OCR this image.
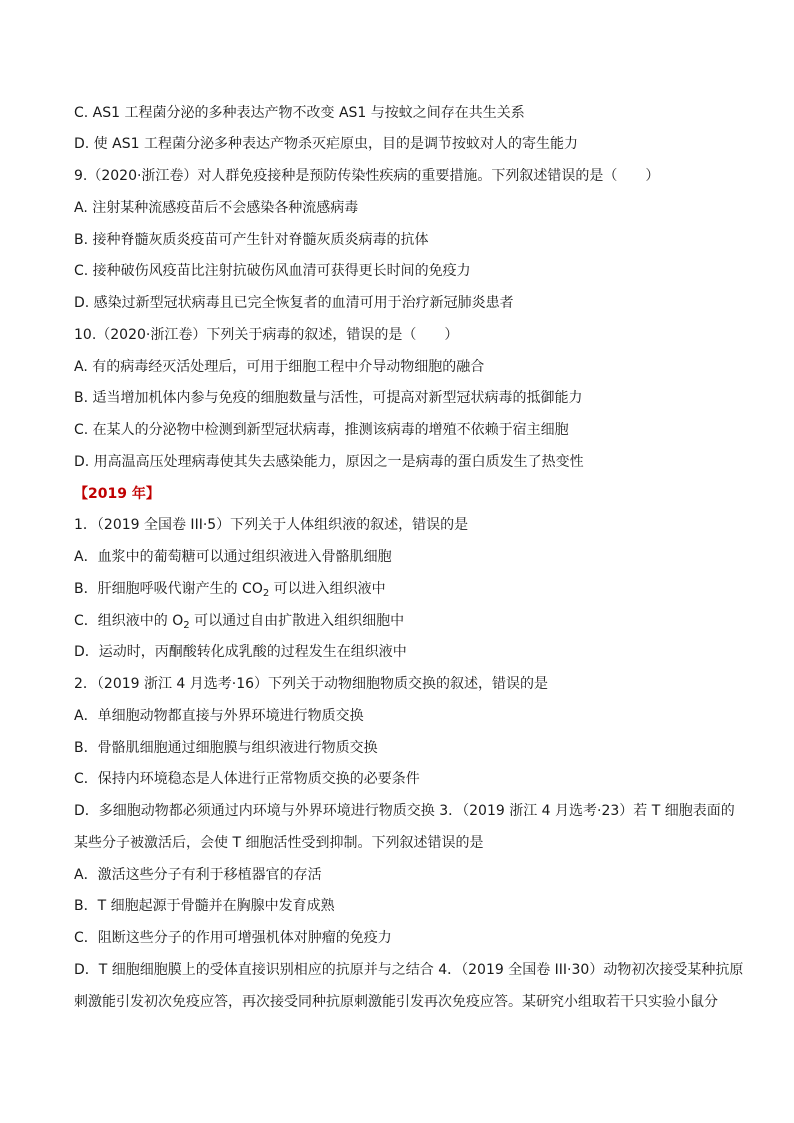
C. AS1 工程菌分泌的多种表达产物不改变 AS1 与按蚊之间存在共生关系
D. 使 AS1 工程菌分泌多种表达产物杀灭疟原虫，目的是调节按蚊对人的寄生能力
9.（2020·浙江卷）对人群免疫接种是预防传染性疾病的重要措施。下列叙述错误的是（　　）
A. 注射某种流感疫苗后不会感染各种流感病毒
B. 接种脊髓灰质炎疫苗可产生针对脊髓灰质炎病毒的抗体
C. 接种破伤风疫苗比注射抗破伤风血清可获得更长时间的免疫力
D. 感染过新型冠状病毒且已完全恢复者的血清可用于治疗新冠肺炎患者
10.（2020·浙江卷）下列关于病毒的叙述，错误的是（　　）
A. 有的病毒经灭活处理后，可用于细胞工程中介导动物细胞的融合
B. 适当增加机体内参与免疫的细胞数量与活性，可提高对新型冠状病毒的抵御能力
C. 在某人的分泌物中检测到新型冠状病毒，推测该病毒的增殖不依赖于宿主细胞
D. 用高温高压处理病毒使其失去感染能力，原因之一是病毒的蛋白质发生了热变性
【2019 年】
1．（2019 全国卷 III·5）下列关于人体组织液的叙述，错误的是
A．血浆中的葡萄糖可以通过组织液进入骨骼肌细胞
B．肝细胞呼吸代谢产生的 $CO_2$ 可以进入组织液中
C．组织液中的 $O_2$ 可以通过自由扩散进入组织细胞中
D．运动时，丙酮酸转化成乳酸的过程发生在组织液中
2．（2019 浙江 4 月选考·16）下列关于动物细胞物质交换的叙述，错误的是
A．单细胞动物都直接与外界环境进行物质交换
B．骨骼肌细胞通过细胞膜与组织液进行物质交换
C．保持内环境稳态是人体进行正常物质交换的必要条件
D．多细胞动物都必须通过内环境与外界环境进行物质交换 3．（2019 浙江 4 月选考·23）若 T 细胞表面的
某些分子被激活后，会使 T 细胞活性受到抑制。下列叙述错误的是
A．激活这些分子有利于移植器官的存活
B．T 细胞起源于骨髓并在胸腺中发育成熟
C．阻断这些分子的作用可增强机体对肿瘤的免疫力
D．T 细胞细胞膜上的受体直接识别相应的抗原并与之结合 4．（2019 全国卷 III·30）动物初次接受某种抗原
刺激能引发初次免疫应答，再次接受同种抗原刺激能引发再次免疫应答。某研究小组取若干只实验小鼠分
